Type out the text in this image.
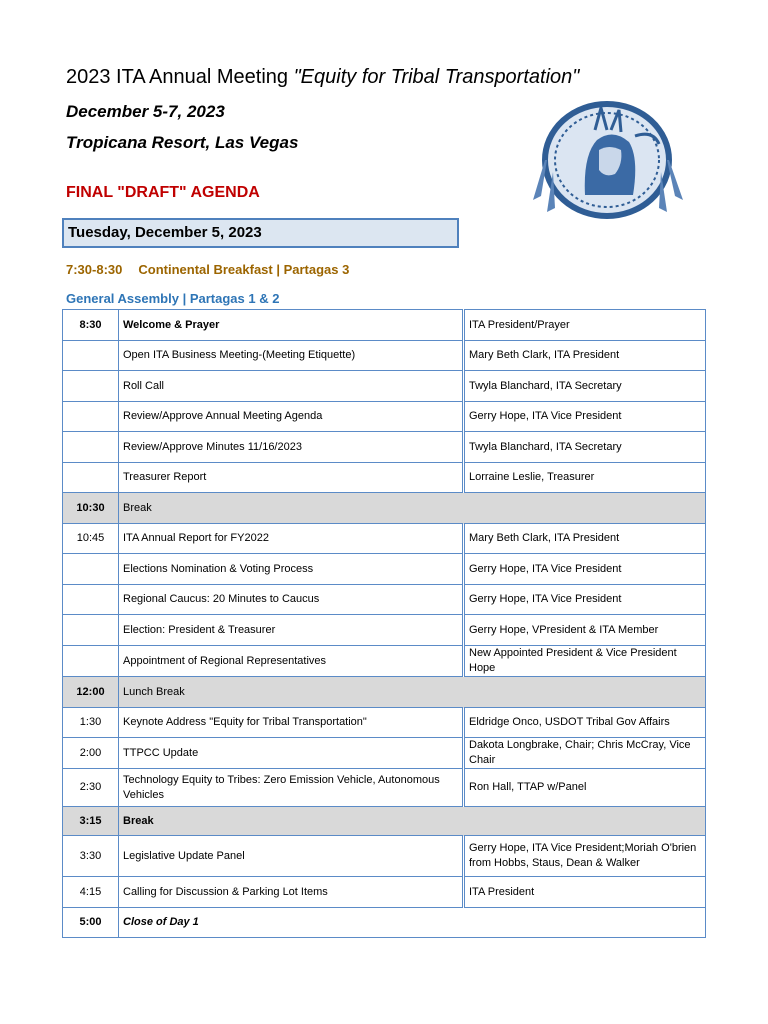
2023 ITA Annual Meeting "Equity for Tribal Transportation"
December 5-7, 2023
Tropicana Resort, Las Vegas
FINAL "DRAFT" AGENDA
Tuesday, December 5, 2023
7:30-8:30 Continental Breakfast | Partagas 3
General Assembly | Partagas 1 & 2
8:30	Welcome & Prayer	ITA President/Prayer
	Open ITA Business Meeting-(Meeting Etiquette)	Mary Beth Clark, ITA President
	Roll Call	Twyla Blanchard, ITA Secretary
	Review/Approve Annual Meeting Agenda	Gerry Hope, ITA Vice President
	Review/Approve Minutes 11/16/2023	Twyla Blanchard, ITA Secretary
	Treasurer Report	Lorraine Leslie, Treasurer
10:30	Break	
10:45	ITA Annual Report for FY2022	Mary Beth Clark, ITA President
	Elections Nomination & Voting Process	Gerry Hope, ITA Vice President
	Regional Caucus: 20 Minutes to Caucus	Gerry Hope, ITA Vice President
	Election: President & Treasurer	Gerry Hope, VPresident & ITA Member
	Appointment of Regional Representatives	New Appointed President & Vice President Hope
12:00	Lunch Break	
1:30	Keynote Address "Equity for Tribal Transportation"	Eldridge Onco, USDOT Tribal Gov Affairs
2:00	TTPCC Update	Dakota Longbrake, Chair; Chris McCray, Vice Chair
2:30	Technology Equity to Tribes: Zero Emission Vehicle, Autonomous Vehicles	Ron Hall, TTAP w/Panel
3:15	Break	
3:30	Legislative Update Panel	Gerry Hope, ITA Vice President;Moriah O'brien from Hobbs, Staus, Dean & Walker
4:15	Calling for Discussion & Parking Lot Items	ITA President
5:00	Close of Day 1	
